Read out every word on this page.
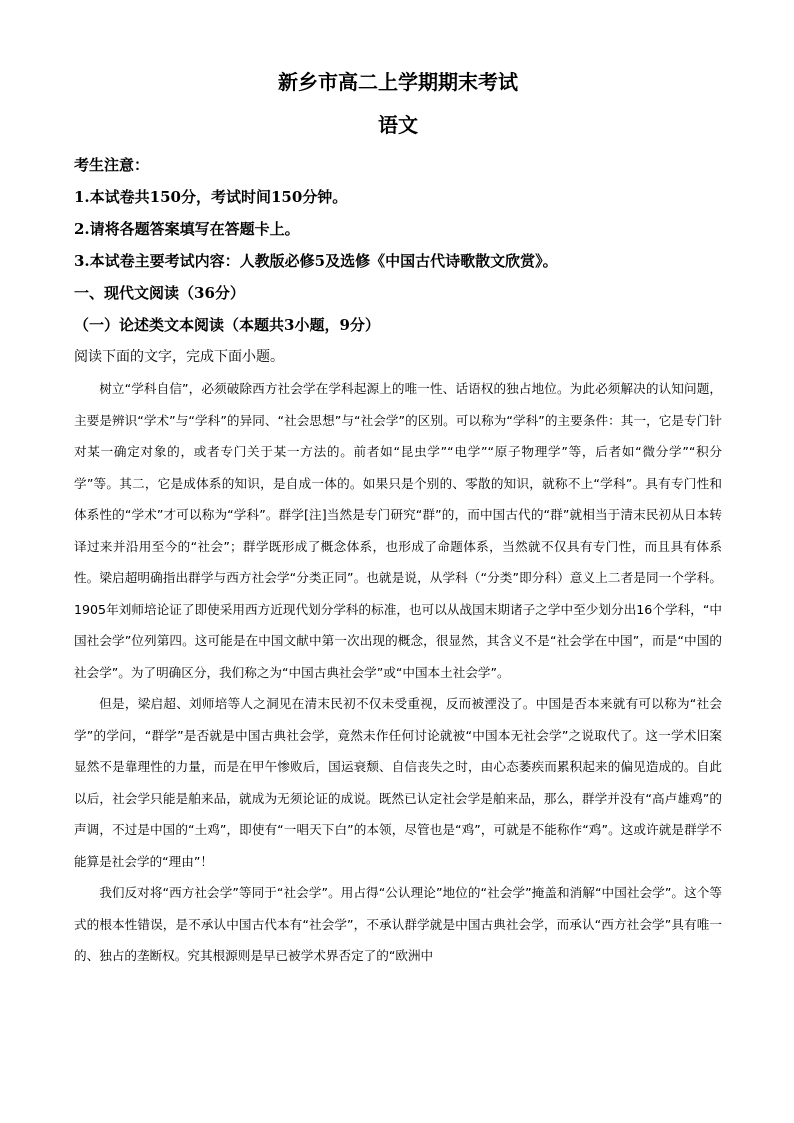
新乡市高二上学期期末考试
语文

考生注意：

1.本试卷共150分，考试时间150分钟。

2.请将各题答案填写在答题卡上。

3.本试卷主要考试内容：人教版必修5及选修《中国古代诗歌散文欣赏》。

一、现代文阅读（36分）

（一）论述类文本阅读（本题共3小题，9分）

阅读下面的文字，完成下面小题。

树立“学科自信”，必须破除西方社会学在学科起源上的唯一性、话语权的独占地位。为此必须解决的认知问题，主要是辨识“学术”与“学科”的异同、“社会思想”与“社会学”的区别。可以称为“学科”的主要条件：其一，它是专门针对某一确定对象的，或者专门关于某一方法的。前者如“昆虫学”“电学”“原子物理学”等，后者如“微分学”“积分学”等。其二，它是成体系的知识，是自成一体的。如果只是个别的、零散的知识，就称不上“学科”。具有专门性和体系性的“学术”才可以称为“学科”。群学[注]当然是专门研究“群”的，而中国古代的“群”就相当于清末民初从日本转译过来并沿用至今的“社会”；群学既形成了概念体系，也形成了命题体系，当然就不仅具有专门性，而且具有体系性。梁启超明确指出群学与西方社会学“分类正同”。也就是说，从学科（“分类”即分科）意义上二者是同一个学科。1905年刘师培论证了即使采用西方近现代划分学科的标准，也可以从战国末期诸子之学中至少划分出16个学科，“中国社会学”位列第四。这可能是在中国文献中第一次出现的概念，很显然，其含义不是“社会学在中国”，而是“中国的社会学”。为了明确区分，我们称之为“中国古典社会学”或“中国本土社会学”。

但是，梁启超、刘师培等人之洞见在清末民初不仅未受重视，反而被湮没了。中国是否本来就有可以称为“社会学”的学问，“群学”是否就是中国古典社会学，竟然未作任何讨论就被“中国本无社会学”之说取代了。这一学术旧案显然不是靠理性的力量，而是在甲午惨败后，国运衰颓、自信丧失之时，由心态萎疾而累积起来的偏见造成的。自此以后，社会学只能是舶来品，就成为无须论证的成说。既然已认定社会学是舶来品，那么，群学并没有“高卢雄鸡”的声调，不过是中国的“土鸡”，即使有“一唱天下白”的本领，尽管也是“鸡”，可就是不能称作“鸡”。这或许就是群学不能算是社会学的“理由”！

我们反对将“西方社会学”等同于“社会学”。用占得“公认理论”地位的“社会学”掩盖和消解“中国社会学”。这个等式的根本性错误，是不承认中国古代本有“社会学”，不承认群学就是中国古典社会学，而承认“西方社会学”具有唯一的、独占的垄断权。究其根源则是早已被学术界否定了的“欧洲中
